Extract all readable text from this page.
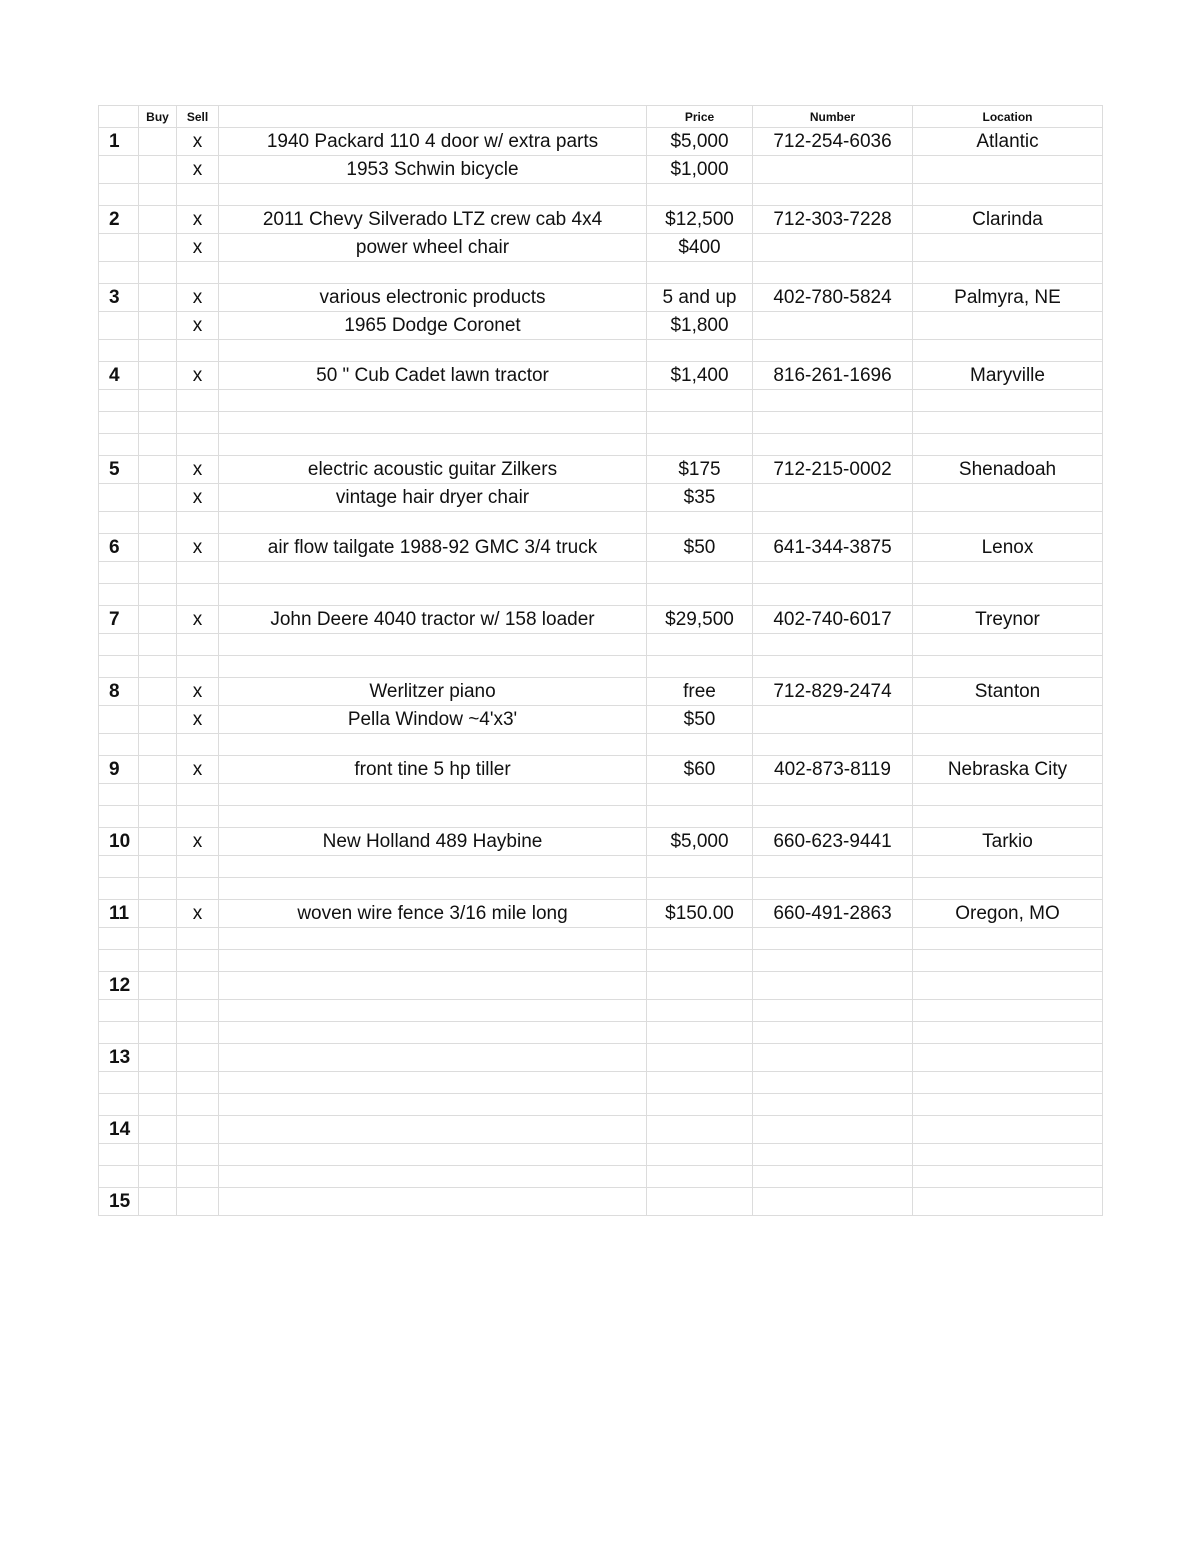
	Buy	Sell		Price	Number	Location
1		x	1940 Packard 110 4 door w/ extra parts	$5,000	712-254-6036	Atlantic
		x	1953 Schwin bicycle	$1,000		

2		x	2011 Chevy Silverado LTZ crew cab 4x4	$12,500	712-303-7228	Clarinda
		x	power wheel chair	$400		

3		x	various electronic products	5 and up	402-780-5824	Palmyra, NE
		x	1965 Dodge Coronet	$1,800		

4		x	50 " Cub Cadet lawn tractor	$1,400	816-261-1696	Maryville

5		x	electric acoustic guitar Zilkers	$175	712-215-0002	Shenadoah
		x	vintage hair dryer chair	$35		

6		x	air flow tailgate 1988-92 GMC 3/4 truck	$50	641-344-3875	Lenox

7		x	John Deere 4040 tractor w/ 158 loader	$29,500	402-740-6017	Treynor

8		x	Werlitzer piano	free	712-829-2474	Stanton
		x	Pella Window ~4'x3'	$50		

9		x	front tine 5 hp tiller	$60	402-873-8119	Nebraska City

10		x	New Holland 489 Haybine	$5,000	660-623-9441	Tarkio

11		x	woven wire fence 3/16 mile long	$150.00	660-491-2863	Oregon, MO

12						

13						

14						

15						
